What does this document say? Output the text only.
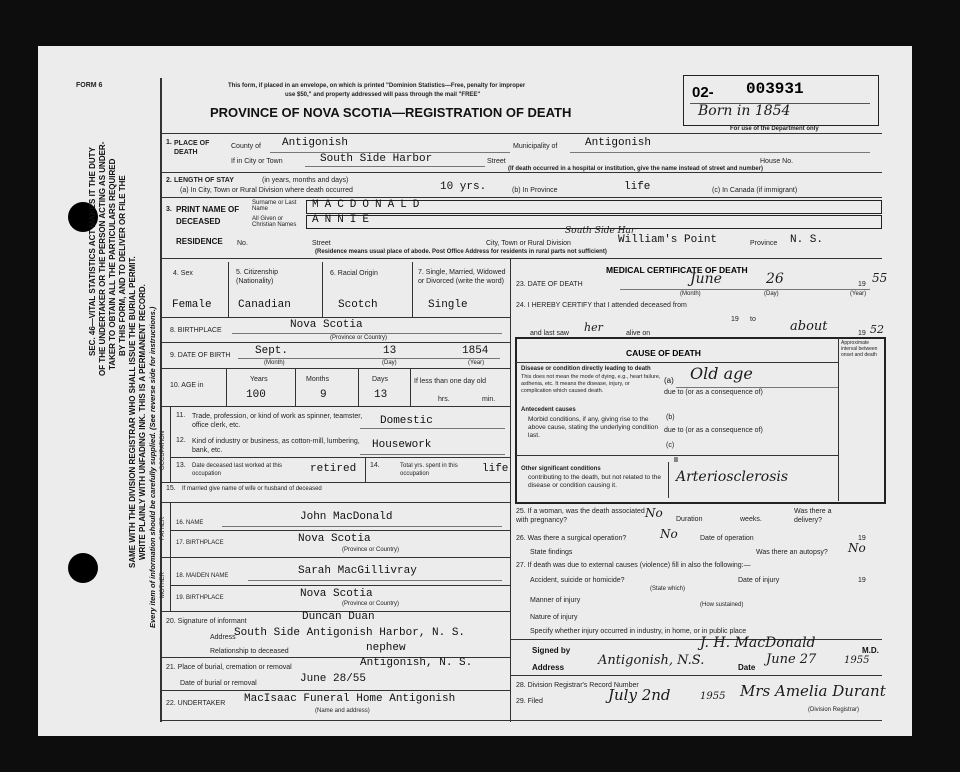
FORM 6	This form, if placed in an envelope, on which is printed "Dominion Statistics—Free, penalty for improper
use $50," and property addressed will pass through the mail "FREE"
PROVINCE OF NOVA SCOTIA—REGISTRATION OF DEATH
02- 003931
Born in 1854
For use of the Department only
SEC. 46—VITAL STATISTICS ACT MAKES IT THE DUTY OF THE UNDERTAKER OR THE PERSON ACTING AS UNDER- TAKER TO OBTAIN ALL THE PARTICULARS REQUIRED BY THIS FORM, AND TO DELIVER OR FILE THE SAME WITH THE DIVISION REGISTRAR WHO SHALL ISSUE THE BURIAL PERMIT. WRITE PLAINLY WITH UNFADING INK. THIS IS A PERMANENT RECORD. Every item of information should be carefully supplied. (See reverse side for instructions.)
1. PLACE OF DEATH
County of Antigonish	Municipality of	Antigonish
If in City or Town	South Side Harbor	Street	House No.
(If death occurred in a hospital or institution, give the name instead of street and number)
2. LENGTH OF STAY	(in years, months and days)
(a) In City, Town or Rural Division where death occurred	10 yrs.	(b) In Province	life	(c) In Canada (if immigrant)
3. PRINT NAME OF DECEASED
Surname or Last Name
All Given or Christian Names
MACDONALD
ANNIE
RESIDENCE No.	Street	City, Town or Rural Division
South Side Har
William's Point	Province N. S.
(Residence means usual place of abode. Post Office Address for residents in rural parts not sufficient)
4. Sex	5. Citizenship (Nationality)
6. Racial Origin	7. Single, Married, Widowed or Divorced (write the word)
Female Canadian	Scotch	Single
8. BIRTHPLACE	Nova Scotia
(Province or Country)
9. DATE OF BIRTH Sept.	13	1854
(Month)	(Day)	(Year)
10. AGE in
Years	Months	Days
100	9	13
If less than one day old
hrs.	min.
OCCUPATION
11. Trade, profession, or kind of work as spinner, teamster, office clerk, etc.	Domestic
12. Kind of industry or business, as cotton-mill, lumbering, bank, etc.	Housework
13. Date deceased last worked at this occupation	retired 14.	Total yrs. spent in this occupation	life
15. If married give name of wife or husband of deceased
FATHER
MOTHER
16. NAME	John MacDonald
17. BIRTHPLACE	Nova Scotia
(Province or Country)
18. MAIDEN NAME	Sarah MacGillivray
19. BIRTHPLACE	Nova Scotia
(Province or Country)
20. Signature of informant	Duncan Duan
Address
South Side Antigonish Harbor, N. S.
Relationship to deceased	nephew
21. Place of burial, cremation or removal	Antigonish, N. S.
Date of burial or removal	June 28/55
22. UNDERTAKER MacIsaac Funeral Home Antigonish
(Name and address)
MEDICAL CERTIFICATE OF DEATH
23. DATE OF DEATH	June	26	19 55
(Month)	(Day)	(Year)
24. I HEREBY CERTIFY that I attended deceased from
19 to
and last saw her	alive on	about	19 52
CAUSE OF DEATH
Approximate interval between onset and death
Disease or condition directly leading to death
This does not mean the mode of dying, e.g., heart failure, asthenia, etc. It means the disease, injury, or complication which caused death.
(a) Old age
due to (or as a consequence of)
Antecedent causes
Morbid conditions, if any, giving rise to the above cause, stating the underlying condition last.
(b)
due to (or as a consequence of)
(c)
II
Other significant conditions
contributing to the death, but not related to the disease or condition causing it.
Arteriosclerosis
25. If a woman, was the death associated with pregnancy?
No Duration	weeks.
Was there a delivery?
26. Was there a surgical operation?	No	Date of operation	19
State findings	Was there an autopsy? No
27. If death was due to external causes (violence) fill in also the following:—
Accident, suicide or homicide?
(State which)
Date of injury	19
Manner of injury
(How sustained)
Nature of injury
Specify whether injury occurred in industry, in home, or in public place
Signed by	J. H. MacDonald	M.D.
Address	Antigonish, N.S.	Date
June 27	1955
28. Division Registrar's Record Number
29. Filed	July 2nd	1955 Mrs Amelia Durant
(Division Registrar)
